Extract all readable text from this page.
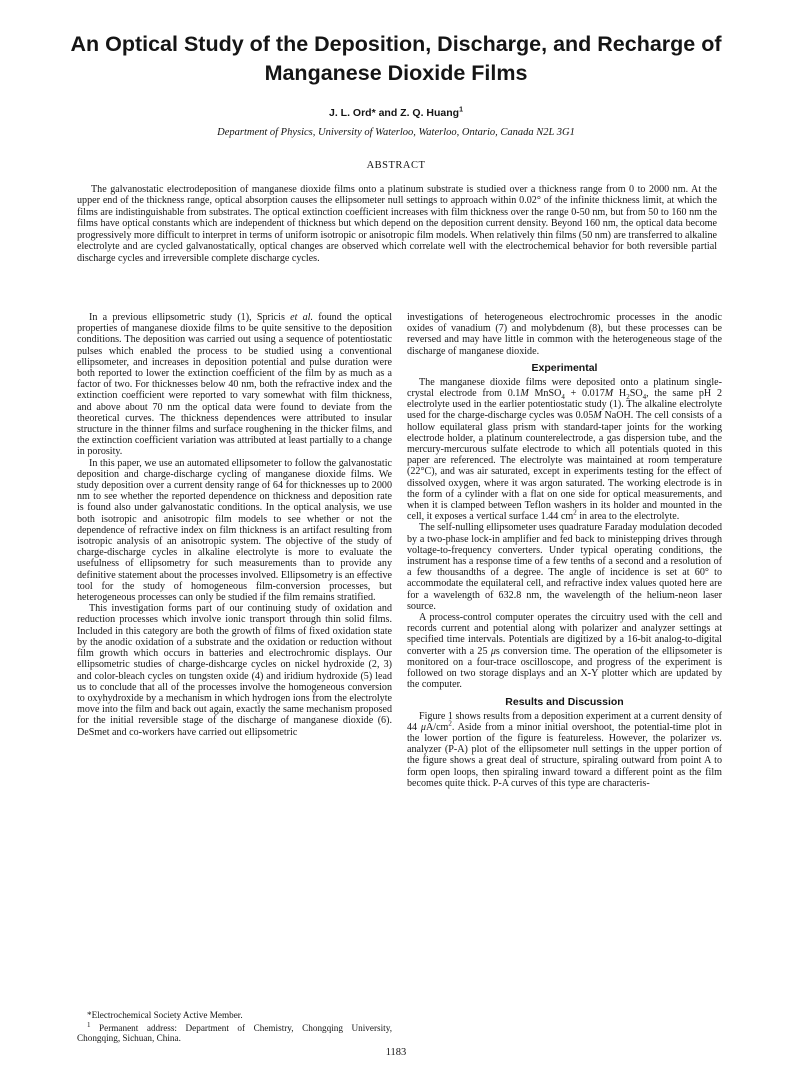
An Optical Study of the Deposition, Discharge, and Recharge of Manganese Dioxide Films

J. L. Ord* and Z. Q. Huang$^1$

Department of Physics, University of Waterloo, Waterloo, Ontario, Canada N2L 3G1

ABSTRACT

The galvanostatic electrodeposition of manganese dioxide films onto a platinum substrate is studied over a thickness range from 0 to 2000 nm. At the upper end of the thickness range, optical absorption causes the ellipsometer null settings to approach within 0.02° of the infinite thickness limit, at which the films are indistinguishable from substrates. The optical extinction coefficient increases with film thickness over the range 0-50 nm, but from 50 to 160 nm the films have optical constants which are independent of thickness but which depend on the deposition current density. Beyond 160 nm, the optical data become progressively more difficult to interpret in terms of uniform isotropic or anisotropic film models. When relatively thin films (50 nm) are transferred to alkaline electrolyte and are cycled galvanostatically, optical changes are observed which correlate well with the electrochemical behavior for both reversible partial discharge cycles and irreversible complete discharge cycles.

In a previous ellipsometric study (1), Spricis et al. found the optical properties of manganese dioxide films to be quite sensitive to the deposition conditions. The deposition was carried out using a sequence of potentiostatic pulses which enabled the process to be studied using a conventional ellipsometer, and increases in deposition potential and pulse duration were both reported to lower the extinction coefficient of the film by as much as a factor of two. For thicknesses below 40 nm, both the refractive index and the extinction coefficient were reported to vary somewhat with film thickness, and above about 70 nm the optical data were found to deviate from the theoretical curves. The thickness dependences were attributed to insular structure in the thinner films and surface roughening in the thicker films, and the extinction coefficient variation was attributed at least partially to a change in porosity.

In this paper, we use an automated ellipsometer to follow the galvanostatic deposition and charge-discharge cycling of manganese dioxide films. We study deposition over a current density range of 64 for thicknesses up to 2000 nm to see whether the reported dependence on thickness and deposition rate is found also under galvanostatic conditions. In the optical analysis, we use both isotropic and anisotropic film models to see whether or not the dependence of refractive index on film thickness is an artifact resulting from isotropic analysis of an anisotropic system. The objective of the study of charge-discharge cycles in alkaline electrolyte is more to evaluate the usefulness of ellipsometry for such measurements than to provide any definitive statement about the processes involved. Ellipsometry is an effective tool for the study of homogeneous film-conversion processes, but heterogeneous processes can only be studied if the film remains stratified.

This investigation forms part of our continuing study of oxidation and reduction processes which involve ionic transport through thin solid films. Included in this category are both the growth of films of fixed oxidation state by the anodic oxidation of a substrate and the oxidation or reduction without film growth which occurs in batteries and electrochromic displays. Our ellipsometric studies of charge-dishcarge cycles on nickel hydroxide (2, 3) and color-bleach cycles on tungsten oxide (4) and iridium hydroxide (5) lead us to conclude that all of the processes involve the homogeneous conversion to oxyhydroxide by a mechanism in which hydrogen ions from the electrolyte move into the film and back out again, exactly the same mechanism proposed for the initial reversible stage of the discharge of manganese dioxide (6). DeSmet and co-workers have carried out ellipsometric

*Electrochemical Society Active Member.

$^1$ Permanent address: Department of Chemistry, Chongqing University, Chongqing, Sichuan, China.

investigations of heterogeneous electrochromic processes in the anodic oxides of vanadium (7) and molybdenum (8), but these processes can be reversed and may have little in common with the heterogeneous stage of the discharge of manganese dioxide.

Experimental

The manganese dioxide films were deposited onto a platinum single-crystal electrode from 0.1M MnSO$_4$ + 0.017M $H_2SO_4$, the same pH 2 electrolyte used in the earlier potentiostatic study (1). The alkaline electrolyte used for the charge-discharge cycles was 0.05M NaOH. The cell consists of a hollow equilateral glass prism with standard-taper joints for the working electrode holder, a platinum counterelectrode, a gas dispersion tube, and the mercury-mercurous sulfate electrode to which all potentials quoted in this paper are referenced. The electrolyte was maintained at room temperature (22°C), and was air saturated, except in experiments testing for the effect of dissolved oxygen, where it was argon saturated. The working electrode is in the form of a cylinder with a flat on one side for optical measurements, and when it is clamped between Teflon washers in its holder and mounted in the cell, it exposes a vertical surface 1.44 $cm^2$ in area to the electrolyte.

The self-nulling ellipsometer uses quadrature Faraday modulation decoded by a two-phase lock-in amplifier and fed back to ministepping drives through voltage-to-frequency converters. Under typical operating conditions, the instrument has a response time of a few tenths of a second and a resolution of a few thousandths of a degree. The angle of incidence is set at 60° to accommodate the equilateral cell, and refractive index values quoted here are for a wavelength of 632.8 nm, the wavelength of the helium-neon laser source.

A process-control computer operates the circuitry used with the cell and records current and potential along with polarizer and analyzer settings at specified time intervals. Potentials are digitized by a 16-bit analog-to-digital converter with a 25 μs conversion time. The operation of the ellipsometer is monitored on a four-trace oscilloscope, and progress of the experiment is followed on two storage displays and an X-Y plotter which are updated by the computer.

Results and Discussion

Figure 1 shows results from a deposition experiment at a current density of 44 $\mu A/cm^2$. Aside from a minor initial overshoot, the potential-time plot in the lower portion of the figure is featureless. However, the polarizer vs. analyzer (P-A) plot of the ellipsometer null settings in the upper portion of the figure shows a great deal of structure, spiraling outward from point A to form open loops, then spiraling inward toward a different point as the film becomes quite thick. P-A curves of this type are characteris-

1183
